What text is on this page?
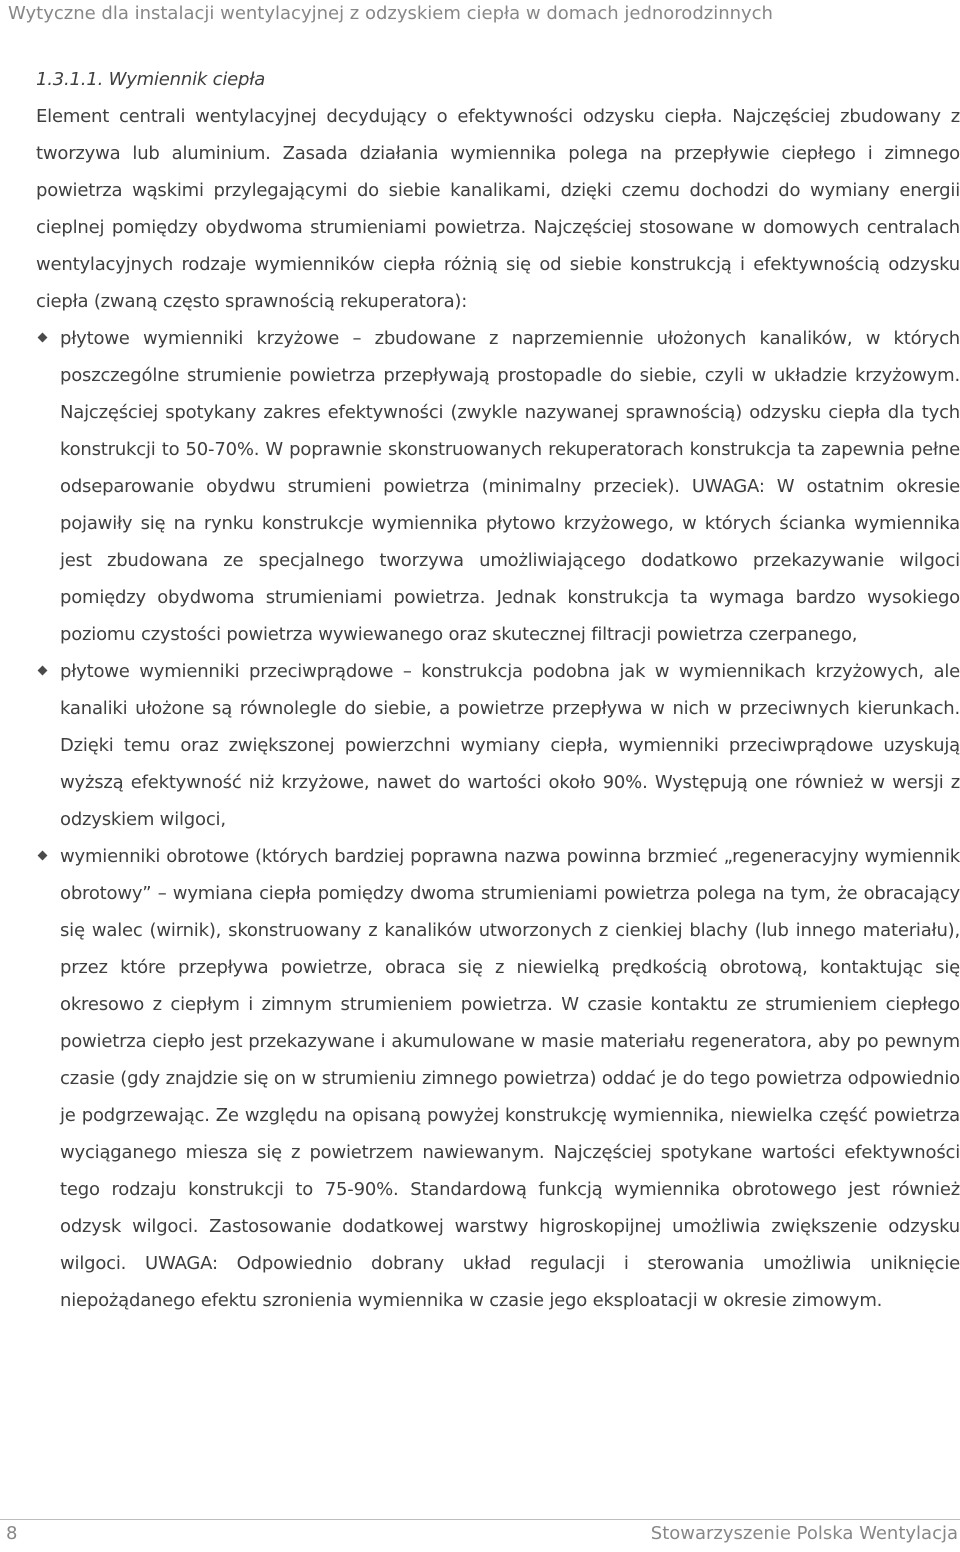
Wytyczne dla instalacji wentylacyjnej z odzyskiem ciepła w domach jednorodzinnych

1.3.1.1. Wymiennik ciepła

Element centrali wentylacyjnej decydujący o efektywności odzysku ciepła. Najczęściej zbudowany z tworzywa lub aluminium. Zasada działania wymiennika polega na przepływie ciepłego i zimnego powietrza wąskimi przylegającymi do siebie kanalikami, dzięki czemu dochodzi do wymiany energii cieplnej pomiędzy obydwoma strumieniami powietrza. Najczęściej stosowane w domowych centralach wentylacyjnych rodzaje wymienników ciepła różnią się od siebie konstrukcją i efektywnością odzysku ciepła (zwaną często sprawnością rekuperatora):

płytowe wymienniki krzyżowe – zbudowane z naprzemiennie ułożonych kanalików, w których poszczególne strumienie powietrza przepływają prostopadle do siebie, czyli w układzie krzyżowym. Najczęściej spotykany zakres efektywności (zwykle nazywanej sprawnością) odzysku ciepła dla tych konstrukcji to 50-70%. W poprawnie skonstruowanych rekuperatorach konstrukcja ta zapewnia pełne odseparowanie obydwu strumieni powietrza (minimalny przeciek). UWAGA: W ostatnim okresie pojawiły się na rynku konstrukcje wymiennika płytowo krzyżowego, w których ścianka wymiennika jest zbudowana ze specjalnego tworzywa umożliwiającego dodatkowo przekazywanie wilgoci pomiędzy obydwoma strumieniami powietrza. Jednak konstrukcja ta wymaga bardzo wysokiego poziomu czystości powietrza wywiewanego oraz skutecznej filtracji powietrza czerpanego,
płytowe wymienniki przeciwprądowe – konstrukcja podobna jak w wymiennikach krzyżowych, ale kanaliki ułożone są równolegle do siebie, a powietrze przepływa w nich w przeciwnych kierunkach. Dzięki temu oraz zwiększonej powierzchni wymiany ciepła, wymienniki przeciwprądowe uzyskują wyższą efektywność niż krzyżowe, nawet do wartości około 90%. Występują one również w wersji z odzyskiem wilgoci,
wymienniki obrotowe (których bardziej poprawna nazwa powinna brzmieć „regeneracyjny wymiennik obrotowy” – wymiana ciepła pomiędzy dwoma strumieniami powietrza polega na tym, że obracający się walec (wirnik), skonstruowany z kanalików utworzonych z cienkiej blachy (lub innego materiału), przez które przepływa powietrze, obraca się z niewielką prędkością obrotową, kontaktując się okresowo z ciepłym i zimnym strumieniem powietrza. W czasie kontaktu ze strumieniem ciepłego powietrza ciepło jest przekazywane i akumulowane w masie materiału regeneratora, aby po pewnym czasie (gdy znajdzie się on w strumieniu zimnego powietrza) oddać je do tego powietrza odpowiednio je podgrzewając. Ze względu na opisaną powyżej konstrukcję wymiennika, niewielka część powietrza wyciąganego miesza się z powietrzem nawiewanym. Najczęściej spotykane wartości efektywności tego rodzaju konstrukcji to 75-90%. Standardową funkcją wymiennika obrotowego jest również odzysk wilgoci. Zastosowanie dodatkowej warstwy higroskopijnej umożliwia zwiększenie odzysku wilgoci. UWAGA: Odpowiednio dobrany układ regulacji i sterowania umożliwia uniknięcie niepożądanego efektu szronienia wymiennika w czasie jego eksploatacji w okresie zimowym.
8	Stowarzyszenie Polska Wentylacja
